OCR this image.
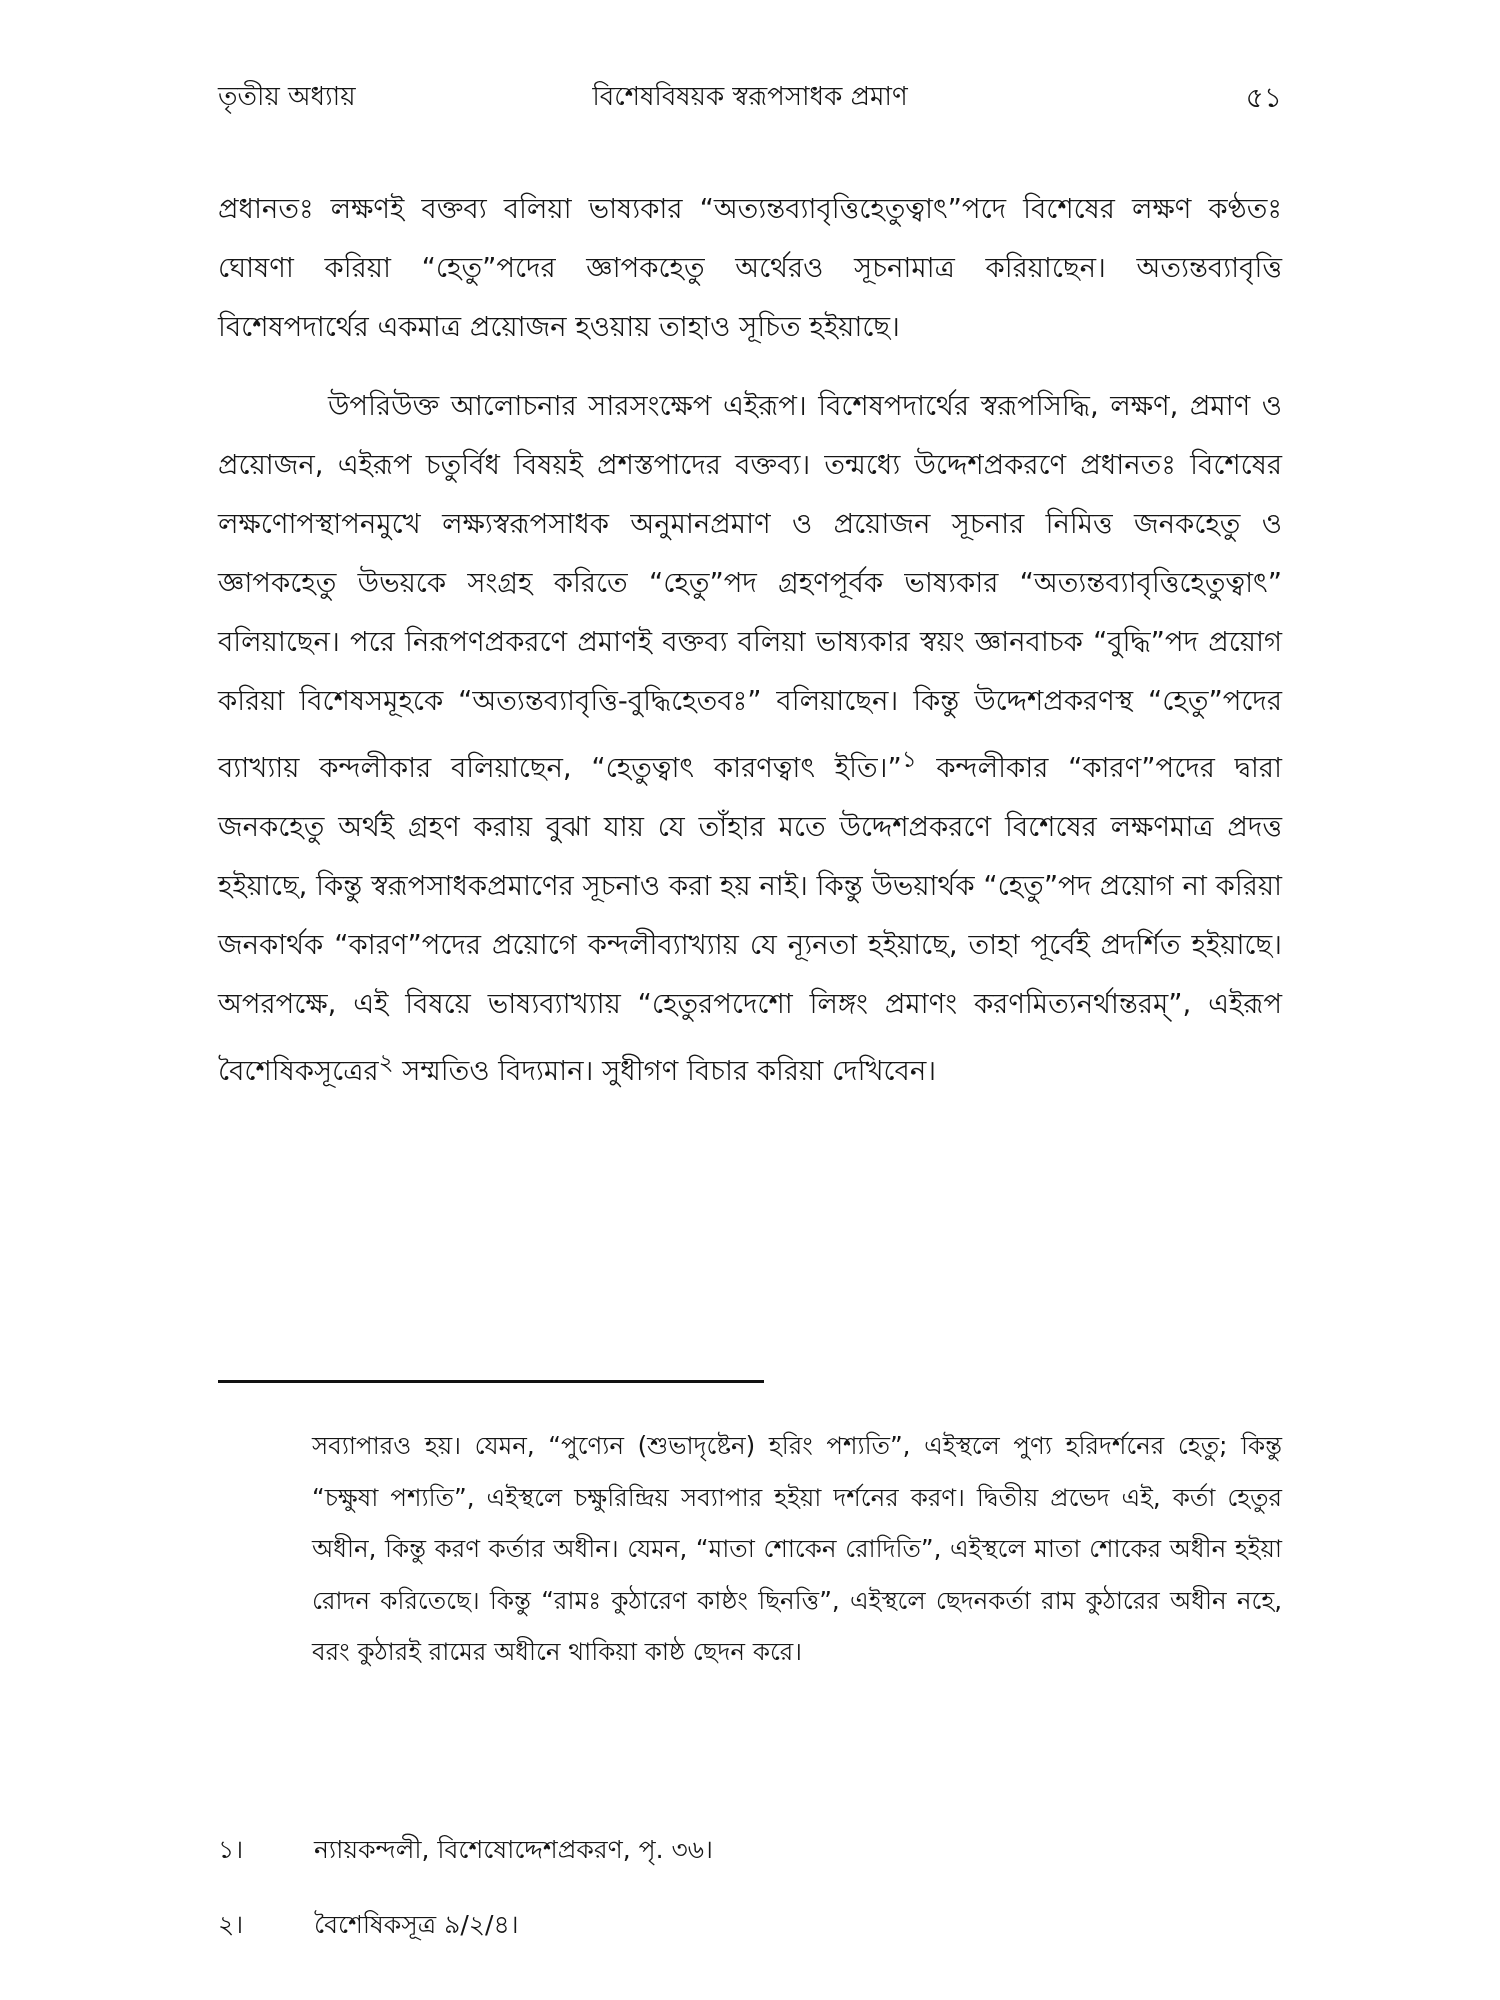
তৃতীয় অধ্যায়	বিশেষবিষয়ক স্বরূপসাধক প্রমাণ	৫১

প্রধানতঃ লক্ষণই বক্তব্য বলিয়া ভাষ্যকার “অত্যন্তব্যাবৃত্তিহেতুত্বাৎ”পদে বিশেষের লক্ষণ কণ্ঠতঃ ঘোষণা করিয়া “হেতু”পদের জ্ঞাপকহেতু অর্থেরও সূচনামাত্র করিয়াছেন। অত্যন্তব্যাবৃত্তি বিশেষপদার্থের একমাত্র প্রয়োজন হওয়ায় তাহাও সূচিত হইয়াছে।

উপরিউক্ত আলোচনার সারসংক্ষেপ এইরূপ। বিশেষপদার্থের স্বরূপসিদ্ধি, লক্ষণ, প্রমাণ ও প্রয়োজন, এইরূপ চতুর্বিধ বিষয়ই প্রশস্তপাদের বক্তব্য। তন্মধ্যে উদ্দেশপ্রকরণে প্রধানতঃ বিশেষের লক্ষণোপস্থাপনমুখে লক্ষ্যস্বরূপসাধক অনুমানপ্রমাণ ও প্রয়োজন সূচনার নিমিত্ত জনকহেতু ও জ্ঞাপকহেতু উভয়কে সংগ্রহ করিতে “হেতু”পদ গ্রহণপূর্বক ভাষ্যকার “অত্যন্তব্যাবৃত্তিহেতুত্বাৎ” বলিয়াছেন। পরে নিরূপণপ্রকরণে প্রমাণই বক্তব্য বলিয়া ভাষ্যকার স্বয়ং জ্ঞানবাচক “বুদ্ধি”পদ প্রয়োগ করিয়া বিশেষসমূহকে “অত্যন্তব্যাবৃত্তি-বুদ্ধিহেতবঃ” বলিয়াছেন। কিন্তু উদ্দেশপ্রকরণস্থ “হেতু”পদের ব্যাখ্যায় কন্দলীকার বলিয়াছেন, “হেতুত্বাৎ কারণত্বাৎ ইতি।”$^১$ কন্দলীকার “কারণ”পদের দ্বারা জনকহেতু অর্থই গ্রহণ করায় বুঝা যায় যে তাঁহার মতে উদ্দেশপ্রকরণে বিশেষের লক্ষণমাত্র প্রদত্ত হইয়াছে, কিন্তু স্বরূপসাধকপ্রমাণের সূচনাও করা হয় নাই। কিন্তু উভয়ার্থক “হেতু”পদ প্রয়োগ না করিয়া জনকার্থক “কারণ”পদের প্রয়োগে কন্দলীব্যাখ্যায় যে ন্যূনতা হইয়াছে, তাহা পূর্বেই প্রদর্শিত হইয়াছে। অপরপক্ষে, এই বিষয়ে ভাষ্যব্যাখ্যায় “হেতুরপদেশো লিঙ্গং প্রমাণং করণমিত্যনর্থান্তরম্”, এইরূপ বৈশেষিকসূত্রের$^২$ সম্মতিও বিদ্যমান। সুধীগণ বিচার করিয়া দেখিবেন।

সব্যাপারও হয়। যেমন, “পুণ্যেন (শুভাদৃষ্টেন) হরিং পশ্যতি”, এইস্থলে পুণ্য হরিদর্শনের হেতু; কিন্তু “চক্ষুষা পশ্যতি”, এইস্থলে চক্ষুরিন্দ্রিয় সব্যাপার হইয়া দর্শনের করণ। দ্বিতীয় প্রভেদ এই, কর্তা হেতুর অধীন, কিন্তু করণ কর্তার অধীন। যেমন, “মাতা শোকেন রোদিতি”, এইস্থলে মাতা শোকের অধীন হইয়া রোদন করিতেছে। কিন্তু “রামঃ কুঠারেণ কাষ্ঠং ছিনত্তি”, এইস্থলে ছেদনকর্তা রাম কুঠারের অধীন নহে, বরং কুঠারই রামের অধীনে থাকিয়া কাষ্ঠ ছেদন করে।

১।	ন্যায়কন্দলী, বিশেষোদ্দেশপ্রকরণ, পৃ. ৩৬।
২।	বৈশেষিকসূত্র ৯/২/৪।
